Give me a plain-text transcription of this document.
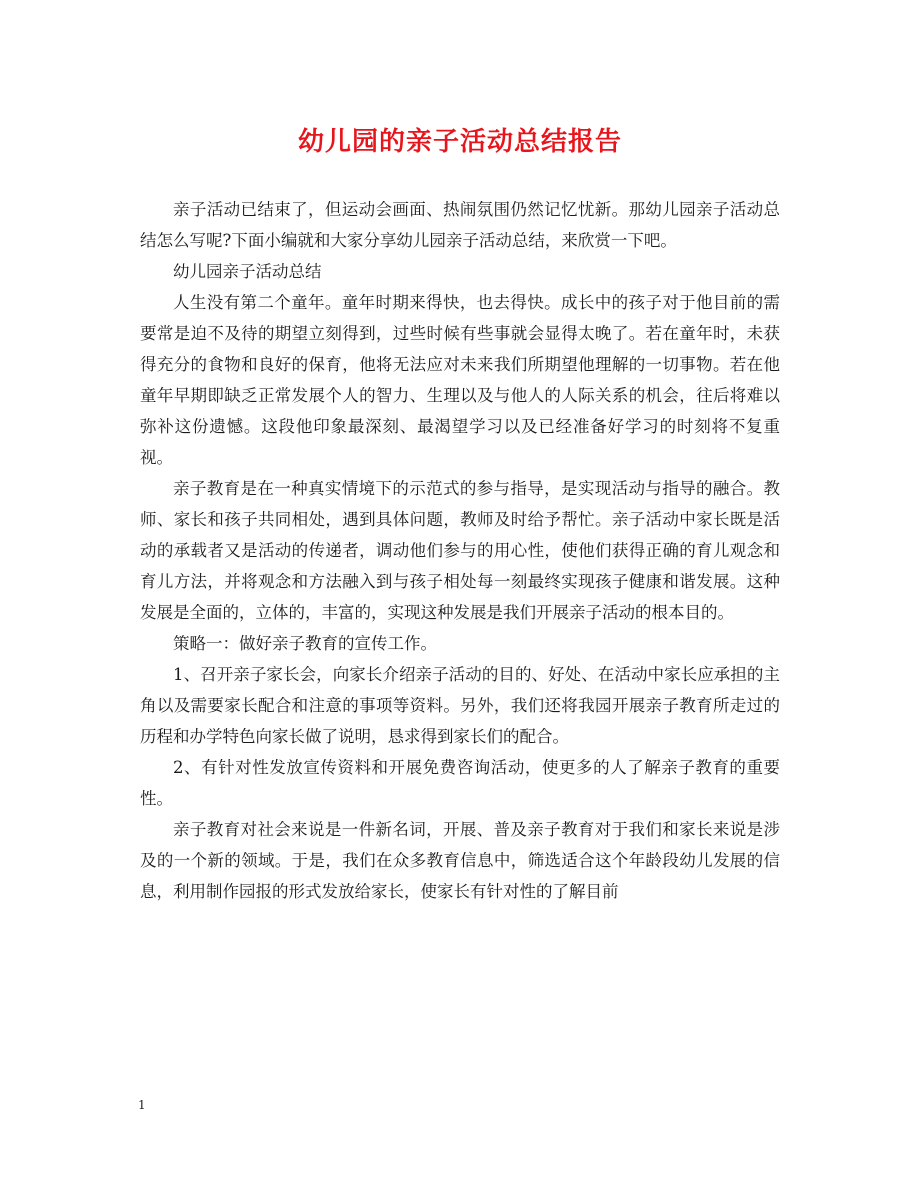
幼儿园的亲子活动总结报告

亲子活动已结束了，但运动会画面、热闹氛围仍然记忆忧新。那幼儿园亲子活动总结怎么写呢?下面小编就和大家分享幼儿园亲子活动总结，来欣赏一下吧。

幼儿园亲子活动总结

人生没有第二个童年。童年时期来得快，也去得快。成长中的孩子对于他目前的需要常是迫不及待的期望立刻得到，过些时候有些事就会显得太晚了。若在童年时，未获得充分的食物和良好的保育，他将无法应对未来我们所期望他理解的一切事物。若在他童年早期即缺乏正常发展个人的智力、生理以及与他人的人际关系的机会，往后将难以弥补这份遗憾。这段他印象最深刻、最渴望学习以及已经准备好学习的时刻将不复重视。

亲子教育是在一种真实情境下的示范式的参与指导，是实现活动与指导的融合。教师、家长和孩子共同相处，遇到具体问题，教师及时给予帮忙。亲子活动中家长既是活动的承载者又是活动的传递者，调动他们参与的用心性，使他们获得正确的育儿观念和育儿方法，并将观念和方法融入到与孩子相处每一刻最终实现孩子健康和谐发展。这种发展是全面的，立体的，丰富的，实现这种发展是我们开展亲子活动的根本目的。

策略一：做好亲子教育的宣传工作。

1、召开亲子家长会，向家长介绍亲子活动的目的、好处、在活动中家长应承担的主角以及需要家长配合和注意的事项等资料。另外，我们还将我园开展亲子教育所走过的历程和办学特色向家长做了说明，恳求得到家长们的配合。

2、有针对性发放宣传资料和开展免费咨询活动，使更多的人了解亲子教育的重要性。

亲子教育对社会来说是一件新名词，开展、普及亲子教育对于我们和家长来说是涉及的一个新的领域。于是，我们在众多教育信息中，筛选适合这个年龄段幼儿发展的信息，利用制作园报的形式发放给家长，使家长有针对性的了解目前

1
